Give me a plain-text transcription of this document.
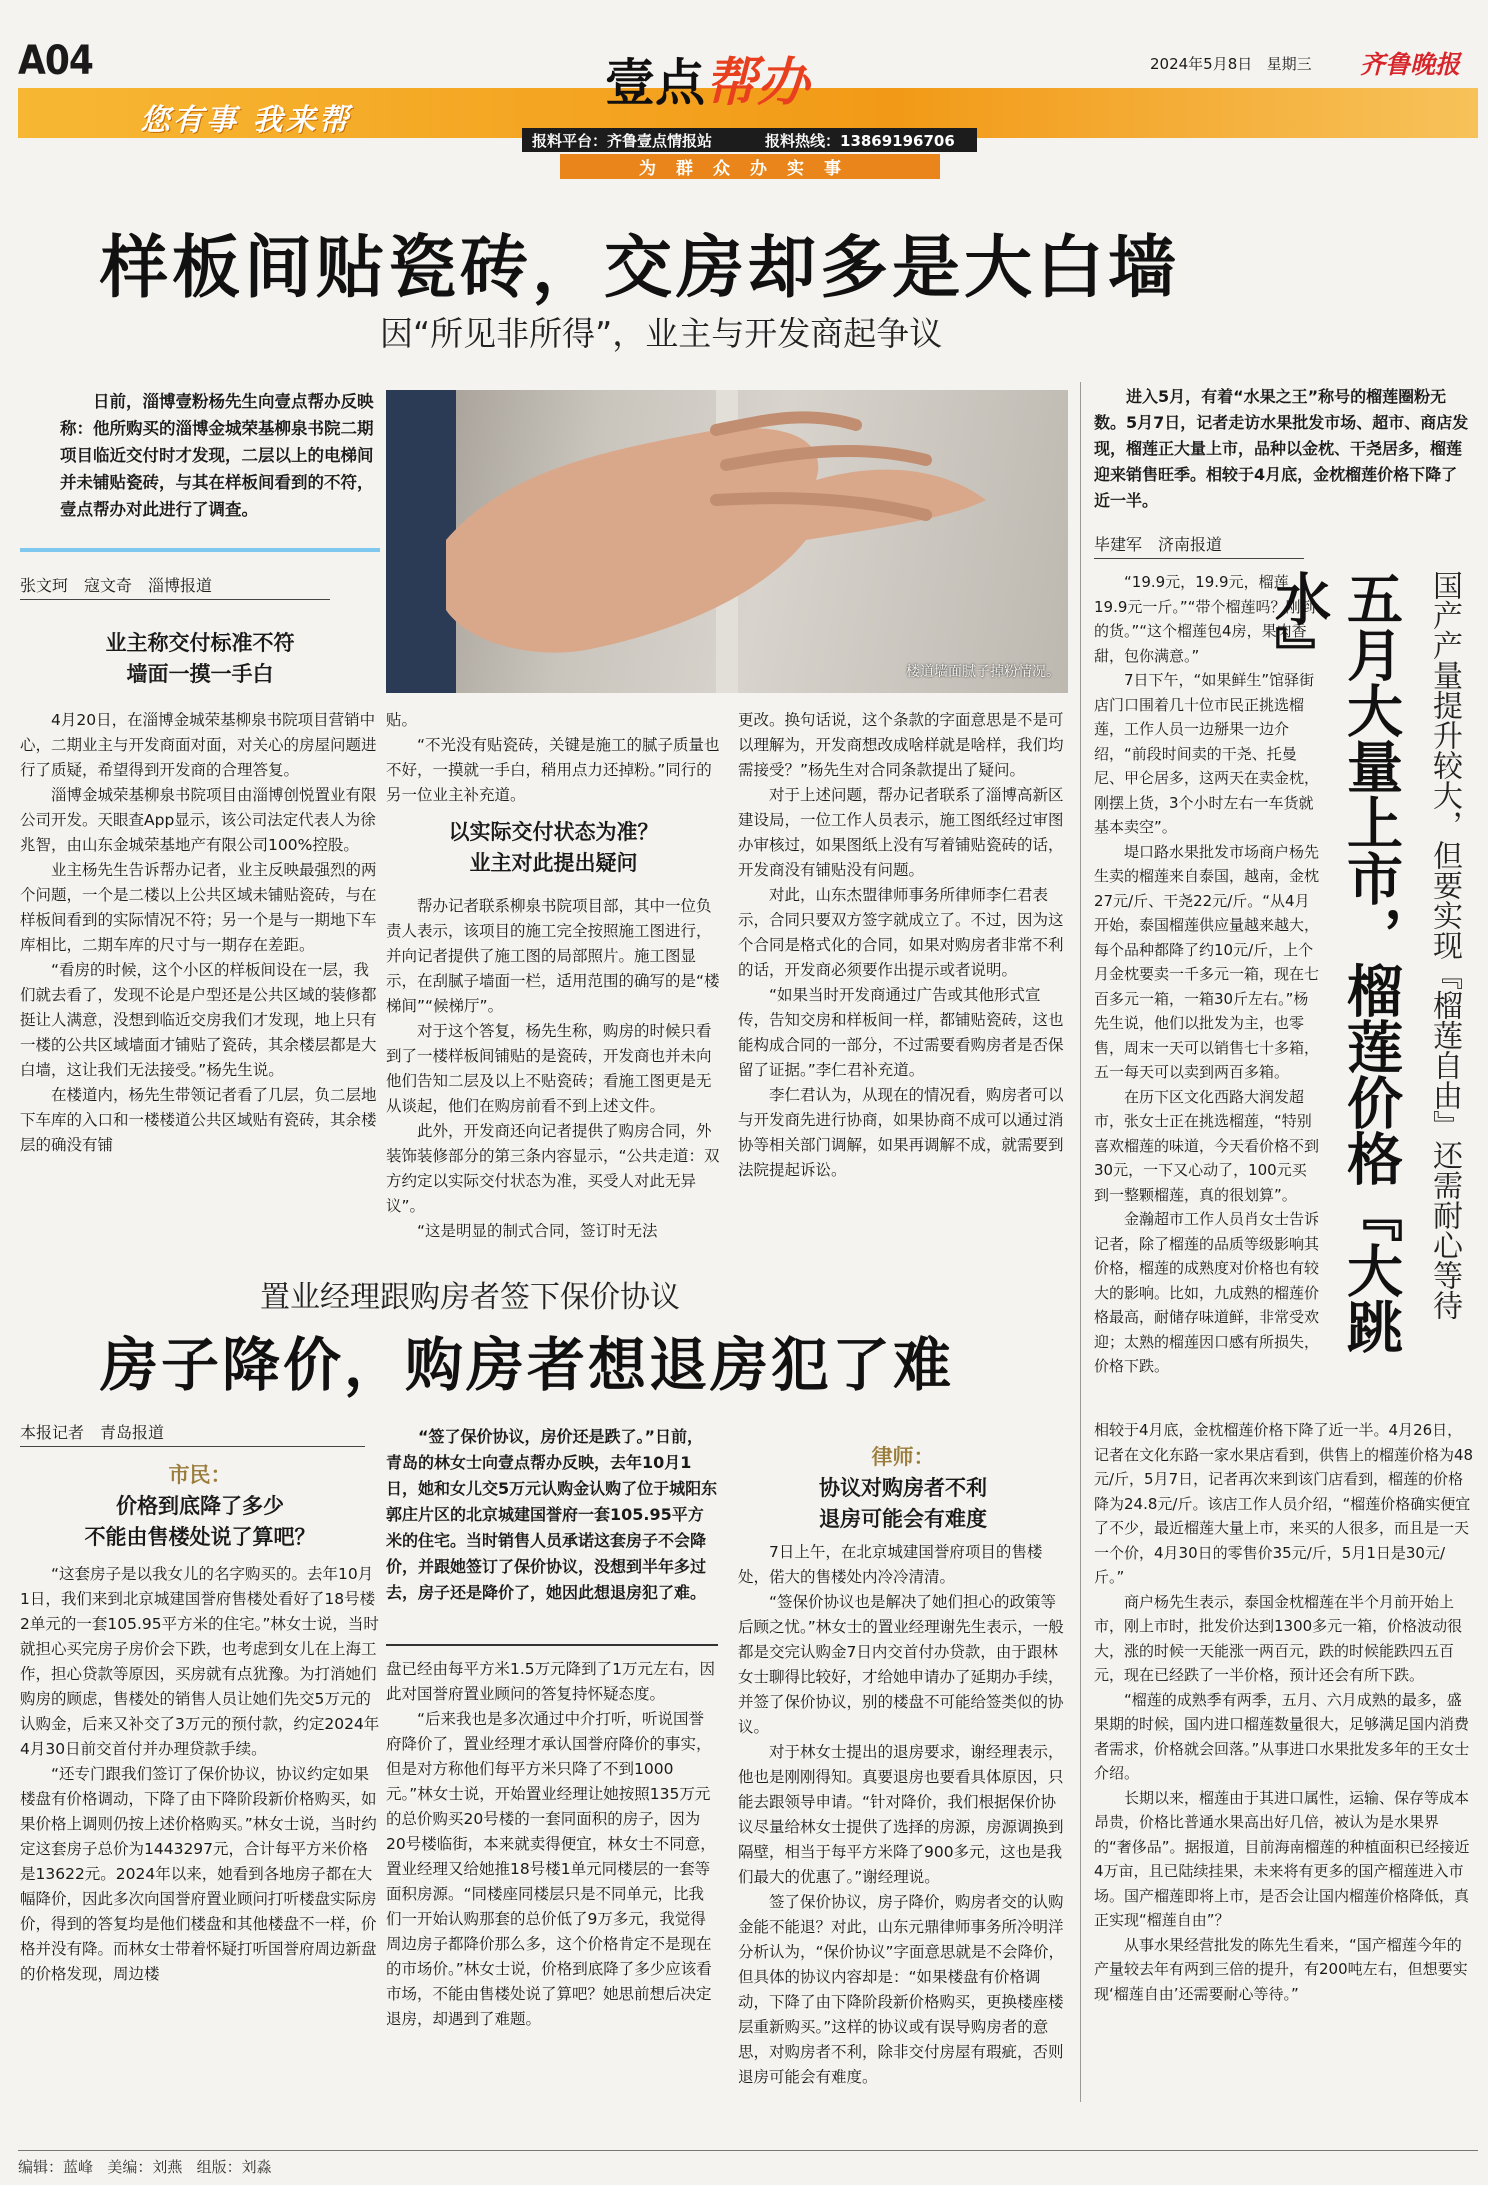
A04
您有事 我来帮
壹点帮办
报料平台：齐鲁壹点情报站	报料热线：13869196706
为群众办实事
2024年5月8日 星期三 齐鲁晚报
样板间贴瓷砖，交房却多是大白墙
因“所见非所得”，业主与开发商起争议

日前，淄博壹粉杨先生向壹点帮办反映称：他所购买的淄博金城荣基柳泉书院二期项目临近交付时才发现，二层以上的电梯间并未铺贴瓷砖，与其在样板间看到的不符，壹点帮办对此进行了调查。

张文珂　寇文奇　淄博报道
楼道墙面腻子掉粉情况。
业主称交付标准不符
墙面一摸一手白

4月20日，在淄博金城荣基柳泉书院项目营销中心，二期业主与开发商面对面，对关心的房屋问题进行了质疑，希望得到开发商的合理答复。

淄博金城荣基柳泉书院项目由淄博创悦置业有限公司开发。天眼查App显示，该公司法定代表人为徐兆智，由山东金城荣基地产有限公司100%控股。

业主杨先生告诉帮办记者，业主反映最强烈的两个问题，一个是二楼以上公共区域未铺贴瓷砖，与在样板间看到的实际情况不符；另一个是与一期地下车库相比，二期车库的尺寸与一期存在差距。

“看房的时候，这个小区的样板间设在一层，我们就去看了，发现不论是户型还是公共区域的装修都挺让人满意，没想到临近交房我们才发现，地上只有一楼的公共区域墙面才铺贴了瓷砖，其余楼层都是大白墙，这让我们无法接受。”杨先生说。

在楼道内，杨先生带领记者看了几层，负二层地下车库的入口和一楼楼道公共区域贴有瓷砖，其余楼层的确没有铺

贴。

“不光没有贴瓷砖，关键是施工的腻子质量也不好，一摸就一手白，稍用点力还掉粉。”同行的另一位业主补充道。

以实际交付状态为准？
业主对此提出疑问

帮办记者联系柳泉书院项目部，其中一位负责人表示，该项目的施工完全按照施工图进行，并向记者提供了施工图的局部照片。施工图显示，在刮腻子墙面一栏，适用范围的确写的是“楼梯间”“候梯厅”。

对于这个答复，杨先生称，购房的时候只看到了一楼样板间铺贴的是瓷砖，开发商也并未向他们告知二层及以上不贴瓷砖；看施工图更是无从谈起，他们在购房前看不到上述文件。

此外，开发商还向记者提供了购房合同，外装饰装修部分的第三条内容显示，“公共走道：双方约定以实际交付状态为准，买受人对此无异议”。

“这是明显的制式合同，签订时无法

更改。换句话说，这个条款的字面意思是不是可以理解为，开发商想改成啥样就是啥样，我们均需接受？”杨先生对合同条款提出了疑问。

对于上述问题，帮办记者联系了淄博高新区建设局，一位工作人员表示，施工图纸经过审图办审核过，如果图纸上没有写着铺贴瓷砖的话，开发商没有铺贴没有问题。

对此，山东杰盟律师事务所律师李仁君表示，合同只要双方签字就成立了。不过，因为这个合同是格式化的合同，如果对购房者非常不利的话，开发商必须要作出提示或者说明。

“如果当时开发商通过广告或其他形式宣传，告知交房和样板间一样，都铺贴瓷砖，这也能构成合同的一部分，不过需要看购房者是否保留了证据。”李仁君补充道。

李仁君认为，从现在的情况看，购房者可以与开发商先进行协商，如果协商不成可以通过消协等相关部门调解，如果再调解不成，就需要到法院提起诉讼。

置业经理跟购房者签下保价协议
房子降价，购房者想退房犯了难
本报记者　青岛报道
市民：
价格到底降了多少
不能由售楼处说了算吧？

“这套房子是以我女儿的名字购买的。去年10月1日，我们来到北京城建国誉府售楼处看好了18号楼2单元的一套105.95平方米的住宅。”林女士说，当时就担心买完房子房价会下跌，也考虑到女儿在上海工作，担心贷款等原因，买房就有点犹豫。为打消她们购房的顾虑，售楼处的销售人员让她们先交5万元的认购金，后来又补交了3万元的预付款，约定2024年4月30日前交首付并办理贷款手续。

“还专门跟我们签订了保价协议，协议约定如果楼盘有价格调动，下降了由下降阶段新价格购买，如果价格上调则仍按上述价格购买。”林女士说，当时约定这套房子总价为1443297元，合计每平方米价格是13622元。2024年以来，她看到各地房子都在大幅降价，因此多次向国誉府置业顾问打听楼盘实际房价，得到的答复均是他们楼盘和其他楼盘不一样，价格并没有降。而林女士带着怀疑打听国誉府周边新盘的价格发现，周边楼

“签了保价协议，房价还是跌了。”日前，青岛的林女士向壹点帮办反映，去年10月1日，她和女儿交5万元认购金认购了位于城阳东郭庄片区的北京城建国誉府一套105.95平方米的住宅。当时销售人员承诺这套房子不会降价，并跟她签订了保价协议，没想到半年多过去，房子还是降价了，她因此想退房犯了难。

盘已经由每平方米1.5万元降到了1万元左右，因此对国誉府置业顾问的答复持怀疑态度。

“后来我也是多次通过中介打听，听说国誉府降价了，置业经理才承认国誉府降价的事实，但是对方称他们每平方米只降了不到1000元。”林女士说，开始置业经理让她按照135万元的总价购买20号楼的一套同面积的房子，因为20号楼临街，本来就卖得便宜，林女士不同意，置业经理又给她推18号楼1单元同楼层的一套等面积房源。“同楼座同楼层只是不同单元，比我们一开始认购那套的总价低了9万多元，我觉得周边房子都降价那么多，这个价格肯定不是现在的市场价。”林女士说，价格到底降了多少应该看市场，不能由售楼处说了算吧？她思前想后决定退房，却遇到了难题。

律师：
协议对购房者不利
退房可能会有难度

7日上午，在北京城建国誉府项目的售楼处，偌大的售楼处内冷冷清清。

“签保价协议也是解决了她们担心的政策等后顾之忧。”林女士的置业经理谢先生表示，一般都是交完认购金7日内交首付办贷款，由于跟林女士聊得比较好，才给她申请办了延期办手续，并签了保价协议，别的楼盘不可能给签类似的协议。

对于林女士提出的退房要求，谢经理表示，他也是刚刚得知。真要退房也要看具体原因，只能去跟领导申请。“针对降价，我们根据保价协议尽量给林女士提供了选择的房源，房源调换到隔壁，相当于每平方米降了900多元，这也是我们最大的优惠了。”谢经理说。

签了保价协议，房子降价，购房者交的认购金能不能退？对此，山东元鼎律师事务所冷明洋分析认为，“保价协议”字面意思就是不会降价，但具体的协议内容却是：“如果楼盘有价格调动，下降了由下降阶段新价格购买，更换楼座楼层重新购买。”这样的协议或有误导购房者的意思，对购房者不利，除非交付房屋有瑕疵，否则退房可能会有难度。

进入5月，有着“水果之王”称号的榴莲圈粉无数。5月7日，记者走访水果批发市场、超市、商店发现，榴莲正大量上市，品种以金枕、干尧居多，榴莲迎来销售旺季。相较于4月底，金枕榴莲价格下降了近一半。

毕建军　济南报道

“19.9元，19.9元，榴莲19.9元一斤。”“带个榴莲吗？刚到的货。”“这个榴莲包4房，果肉香甜，包你满意。”

7日下午，“如果鲜生”馆驿街店门口围着几十位市民正挑选榴莲，工作人员一边掰果一边介绍，“前段时间卖的干尧、托曼尼、甲仑居多，这两天在卖金枕，刚摆上货，3个小时左右一车货就基本卖空”。

堤口路水果批发市场商户杨先生卖的榴莲来自泰国，越南，金枕27元/斤、干尧22元/斤。“从4月开始，泰国榴莲供应量越来越大，每个品种都降了约10元/斤，上个月金枕要卖一千多元一箱，现在七百多元一箱，一箱30斤左右。”杨先生说，他们以批发为主，也零售，周末一天可以销售七十多箱，五一每天可以卖到两百多箱。

在历下区文化西路大润发超市，张女士正在挑选榴莲，“特别喜欢榴莲的味道，今天看价格不到30元，一下又心动了，100元买到一整颗榴莲，真的很划算”。

金瀚超市工作人员肖女士告诉记者，除了榴莲的品质等级影响其价格，榴莲的成熟度对价格也有较大的影响。比如，九成熟的榴莲价格最高，耐储存味道鲜，非常受欢迎；太熟的榴莲因口感有所损失，价格下跌。

五月大量上市，榴莲价格『大跳水』	国产产量提升较大，但要实现『榴莲自由』还需耐心等待

相较于4月底，金枕榴莲价格下降了近一半。4月26日，记者在文化东路一家水果店看到，供售上的榴莲价格为48元/斤，5月7日，记者再次来到该门店看到，榴莲的价格降为24.8元/斤。该店工作人员介绍，“榴莲价格确实便宜了不少，最近榴莲大量上市，来买的人很多，而且是一天一个价，4月30日的零售价35元/斤，5月1日是30元/斤。”

商户杨先生表示，泰国金枕榴莲在半个月前开始上市，刚上市时，批发价达到1300多元一箱，价格波动很大，涨的时候一天能涨一两百元，跌的时候能跌四五百元，现在已经跌了一半价格，预计还会有所下跌。

“榴莲的成熟季有两季，五月、六月成熟的最多，盛果期的时候，国内进口榴莲数量很大，足够满足国内消费者需求，价格就会回落。”从事进口水果批发多年的王女士介绍。

长期以来，榴莲由于其进口属性，运输、保存等成本昂贵，价格比普通水果高出好几倍，被认为是水果界的“奢侈品”。据报道，目前海南榴莲的种植面积已经接近4万亩，且已陆续挂果，未来将有更多的国产榴莲进入市场。国产榴莲即将上市，是否会让国内榴莲价格降低，真正实现“榴莲自由”？

从事水果经营批发的陈先生看来，“国产榴莲今年的产量较去年有两到三倍的提升，有200吨左右，但想要实现‘榴莲自由’还需要耐心等待。”

编辑：蓝峰 美编：刘燕 组版：刘淼
